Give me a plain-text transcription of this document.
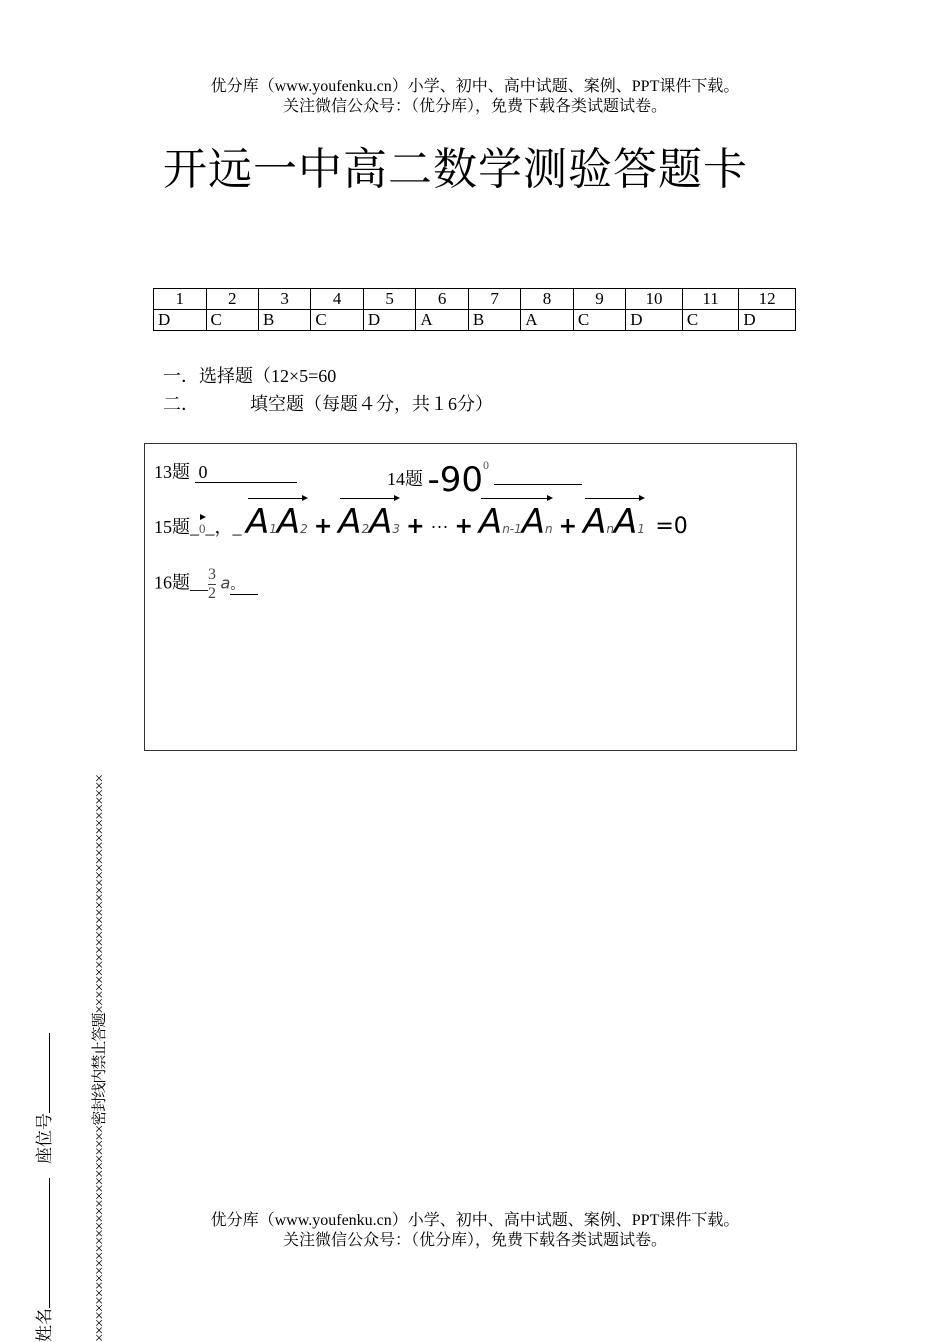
优分库（www.youfenku.cn）小学、初中、高中试题、案例、PPT课件下载。
关注微信公众号：（优分库），免费下载各类试题试卷。
开远一中高二数学测验答题卡
1	2	3	4	5	6	7	8	9	10	11	12
D	C	B	C	D	A	B	A	C	D	C	D
一．选择题（12×5=60
二．	填空题（每题４分，共１6分）
13题 0	14题 $-90^0$
15题_0_，_ A1A2 + A2A3 + ··· + An-1An + AnA1 =0
16题__ $\frac{3}{2}$ a。
优分库（www.youfenku.cn）小学、初中、高中试题、案例、PPT课件下载。
关注微信公众号：（优分库），免费下载各类试题试卷。
×××××××××××××××××××××××××××××密封线内禁止答题××××××××××××××××××××××××××××××××
姓名座位号
